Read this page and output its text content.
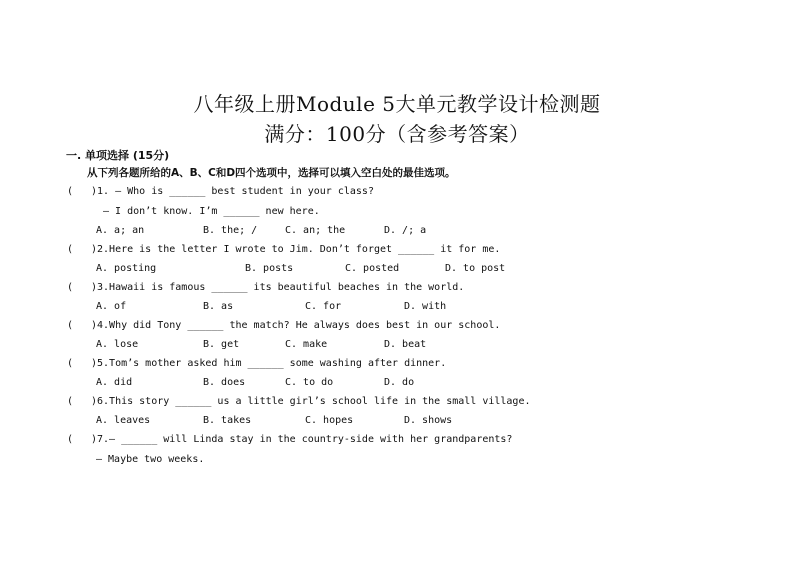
八年级上册Module 5大单元教学设计检测题
满分：100分（含参考答案）
一. 单项选择 (15分)
从下列各题所给的A、B、C和D四个选项中，选择可以填入空白处的最佳选项。
( )1. — Who is ______ best student in your class?
— I don’t know. I’m ______ new here.
A. a; an	B. the; /	C. an; the	D. /; a
( )2.Here is the letter I wrote to Jim. Don’t forget ______ it for me.
A. posting	B. posts	C. posted	D. to post
( )3.Hawaii is famous ______ its beautiful beaches in the world.
A. of	B. as	C. for	D. with
( )4.Why did Tony ______ the match? He always does best in our school.
A. lose	B. get	C. make	D. beat
( )5.Tom’s mother asked him ______ some washing after dinner.
A. did	B. does	C. to do	D. do
( )6.This story ______ us a little girl’s school life in the small village.
A. leaves	B. takes	C. hopes	D. shows
( )7.— ______ will Linda stay in the country-side with her grandparents?
— Maybe two weeks.
